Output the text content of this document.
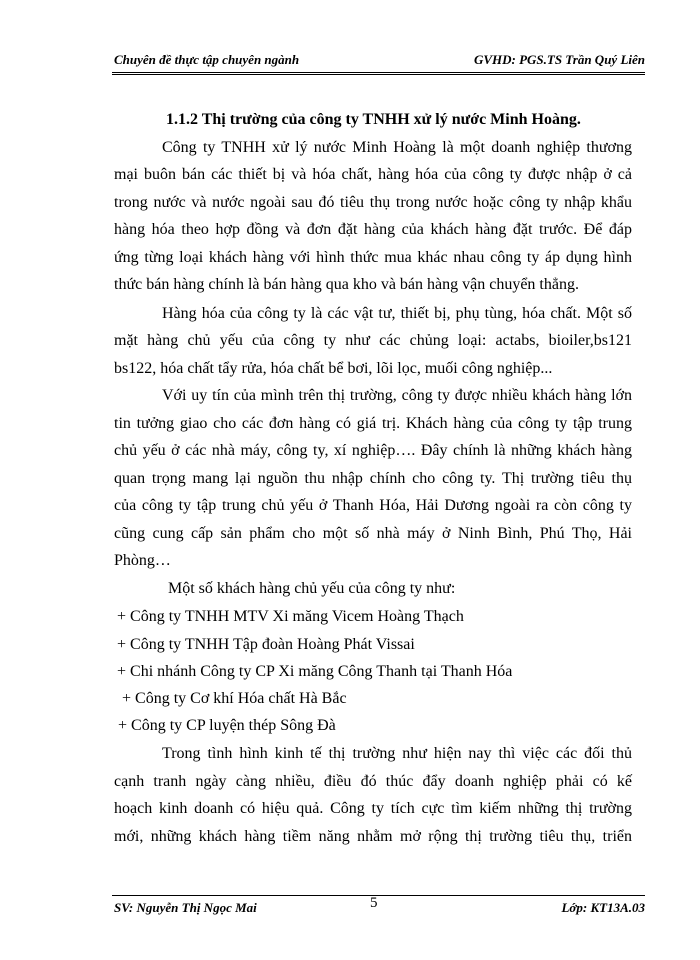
Chuyên đề thực tập chuyên ngành	GVHD: PGS.TS Trần Quý Liên
1.1.2 Thị trường của công ty TNHH xử lý nước Minh Hoàng.
Công ty TNHH xử lý nước Minh Hoàng là một doanh nghiệp thương
mại buôn bán các thiết bị và hóa chất, hàng hóa của công ty được nhập ở cả
trong nước và nước ngoài sau đó tiêu thụ trong nước hoặc công ty nhập khẩu
hàng hóa theo hợp đồng và đơn đặt hàng của khách hàng đặt trước. Để đáp
ứng từng loại khách hàng với hình thức mua khác nhau công ty áp dụng hình
thức bán hàng chính là bán hàng qua kho và bán hàng vận chuyển thẳng.
Hàng hóa của công ty là các vật tư, thiết bị, phụ tùng, hóa chất. Một số
mặt hàng chủ yếu của công ty như các chủng loại: actabs, bioiler,bs121
bs122, hóa chất tẩy rửa, hóa chất bể bơi, lõi lọc, muối công nghiệp...
Với uy tín của mình trên thị trường, công ty được nhiều khách hàng lớn
tin tưởng giao cho các đơn hàng có giá trị. Khách hàng của công ty tập trung
chủ yếu ở các nhà máy, công ty, xí nghiệp…. Đây chính là những khách hàng
quan trọng mang lại nguồn thu nhập chính cho công ty. Thị trường tiêu thụ
của công ty tập trung chủ yếu ở Thanh Hóa, Hải Dương ngoài ra còn công ty
cũng cung cấp sản phẩm cho một số nhà máy ở Ninh Bình, Phú Thọ, Hải
Phòng…
Một số khách hàng chủ yếu của công ty như:
+ Công ty TNHH MTV Xi măng Vicem Hoàng Thạch
+ Công ty TNHH Tập đoàn Hoàng Phát Vissai
+ Chi nhánh Công ty CP Xi măng Công Thanh tại Thanh Hóa
+ Công ty Cơ khí Hóa chất Hà Bắc
+ Công ty CP luyện thép Sông Đà
Trong tình hình kinh tế thị trường như hiện nay thì việc các đối thủ
cạnh tranh ngày càng nhiều, điều đó thúc đẩy doanh nghiệp phải có kế
hoạch kinh doanh có hiệu quả. Công ty tích cực tìm kiếm những thị trường
mới, những khách hàng tiềm năng nhằm mở rộng thị trường tiêu thụ, triển
SV: Nguyễn Thị Ngọc Mai	5	Lớp: KT13A.03
